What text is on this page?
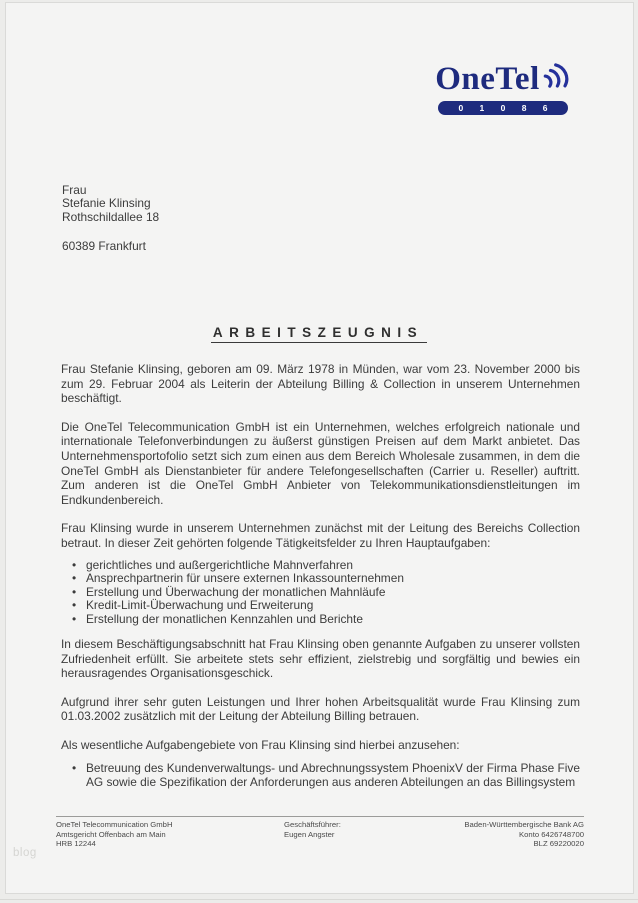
OneTel
0 1 0 8 6
Frau
Stefanie Klinsing
Rothschildallee 18
60389 Frankfurt
ARBEITSZEUGNIS

Frau Stefanie Klinsing, geboren am 09. März 1978 in Münden, war vom 23. November 2000 bis zum 29. Februar 2004 als Leiterin der Abteilung Billing & Collection in unserem Unternehmen beschäftigt.

Die OneTel Telecommunication GmbH ist ein Unternehmen, welches erfolgreich nationale und internationale Telefonverbindungen zu äußerst günstigen Preisen auf dem Markt anbietet. Das Unternehmensportofolio setzt sich zum einen aus dem Bereich Wholesale zusammen, in dem die OneTel GmbH als Dienstanbieter für andere Telefongesellschaften (Carrier u. Reseller) auftritt. Zum anderen ist die OneTel GmbH Anbieter von Telekommunikationsdienstleitungen im Endkundenbereich.

Frau Klinsing wurde in unserem Unternehmen zunächst mit der Leitung des Bereichs Collection betraut. In dieser Zeit gehörten folgende Tätigkeitsfelder zu Ihren Hauptaufgaben:

• gerichtliches und außergerichtliche Mahnverfahren
• Ansprechpartnerin für unsere externen Inkassounternehmen
• Erstellung und Überwachung der monatlichen Mahnläufe
• Kredit-Limit-Überwachung und Erweiterung
• Erstellung der monatlichen Kennzahlen und Berichte

In diesem Beschäftigungsabschnitt hat Frau Klinsing oben genannte Aufgaben zu unserer vollsten Zufriedenheit erfüllt. Sie arbeitete stets sehr effizient, zielstrebig und sorgfältig und bewies ein herausragendes Organisationsgeschick.

Aufgrund ihrer sehr guten Leistungen und Ihrer hohen Arbeitsqualität wurde Frau Klinsing zum 01.03.2002 zusätzlich mit der Leitung der Abteilung Billing betrauen.

Als wesentliche Aufgabengebiete von Frau Klinsing sind hierbei anzusehen:

• Betreuung des Kundenverwaltungs- und Abrechnungssystem PhoenixV der Firma Phase Five AG sowie die Spezifikation der Anforderungen aus anderen Abteilungen an das Billingsystem
OneTel Telecommunication GmbH
Amtsgericht Offenbach am Main
HRB 12244
Geschäftsführer:
Eugen Angster
Baden-Württembergische Bank AG
Konto 6426748700
BLZ 69220020
blog
